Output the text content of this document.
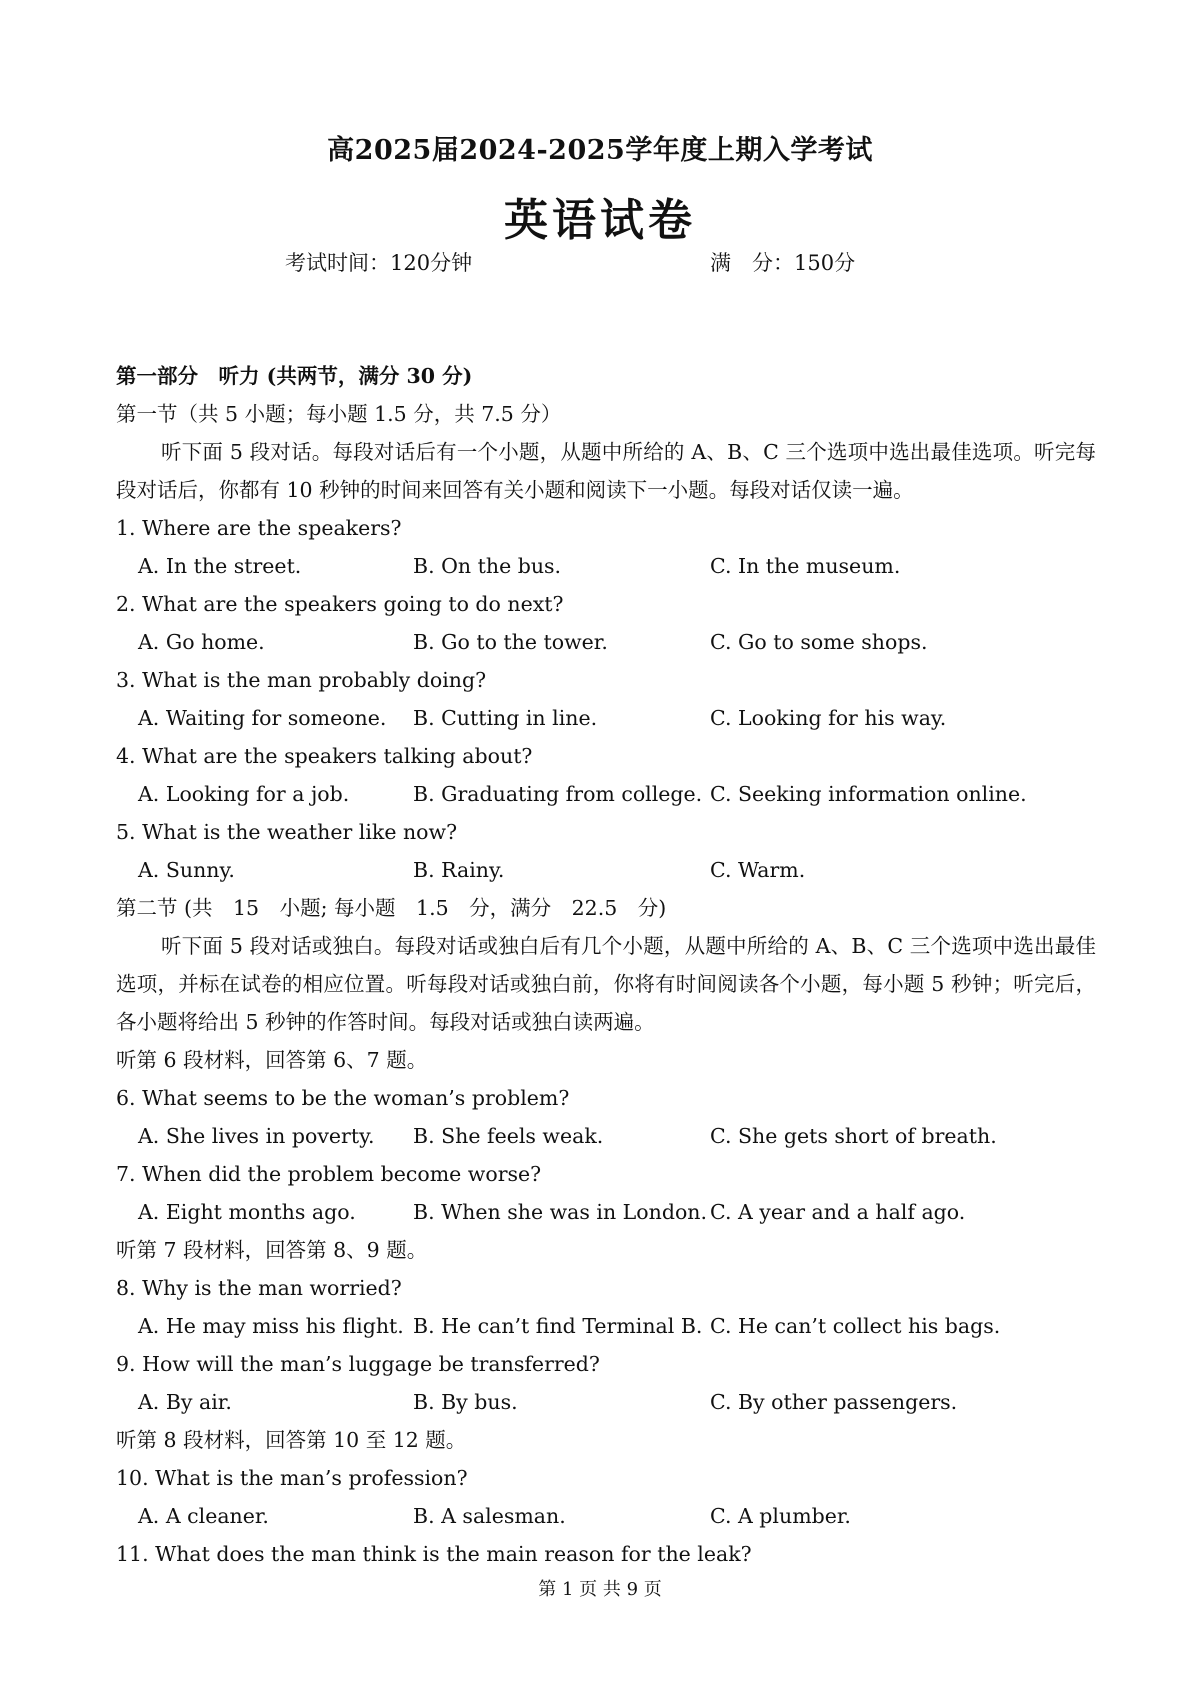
高2025届2024-2025学年度上期入学考试
英语试卷
考试时间：120分钟	满　分：150分
第一部分　听力 (共两节，满分 30 分)
第一节（共 5 小题；每小题 1.5 分，共 7.5 分）
听下面 5 段对话。每段对话后有一个小题，从题中所给的 A、B、C 三个选项中选出最佳选项。听完每段对话后，你都有 10 秒钟的时间来回答有关小题和阅读下一小题。每段对话仅读一遍。
1. Where are the speakers?
A. In the street.	B. On the bus.	C. In the museum.
2. What are the speakers going to do next?
A. Go home.	B. Go to the tower.	C. Go to some shops.
3. What is the man probably doing?
A. Waiting for someone. B. Cutting in line.	C. Looking for his way.
4. What are the speakers talking about?
A. Looking for a job.	B. Graduating from college. C. Seeking information online.
5. What is the weather like now?
A. Sunny.	B. Rainy.	C. Warm.
第二节 (共　15　小题; 每小题　1.5　分，满分　22.5　分)
听下面 5 段对话或独白。每段对话或独白后有几个小题，从题中所给的 A、B、C 三个选项中选出最佳选项，并标在试卷的相应位置。听每段对话或独白前，你将有时间阅读各个小题，每小题 5 秒钟；听完后，各小题将给出 5 秒钟的作答时间。每段对话或独白读两遍。
听第 6 段材料，回答第 6、7 题。
6. What seems to be the woman’s problem?
A. She lives in poverty. B. She feels weak.	C. She gets short of breath.
7. When did the problem become worse?
A. Eight months ago.	B. When she was in London. C. A year and a half ago.
听第 7 段材料，回答第 8、9 题。
8. Why is the man worried?
A. He may miss his flight. B. He can’t find Terminal B. C. He can’t collect his bags.
9. How will the man’s luggage be transferred?
A. By air.	B. By bus.	C. By other passengers.
听第 8 段材料，回答第 10 至 12 题。
10. What is the man’s profession?
A. A cleaner.	B. A salesman.	C. A plumber.
11. What does the man think is the main reason for the leak?
第 1 页 共 9 页
